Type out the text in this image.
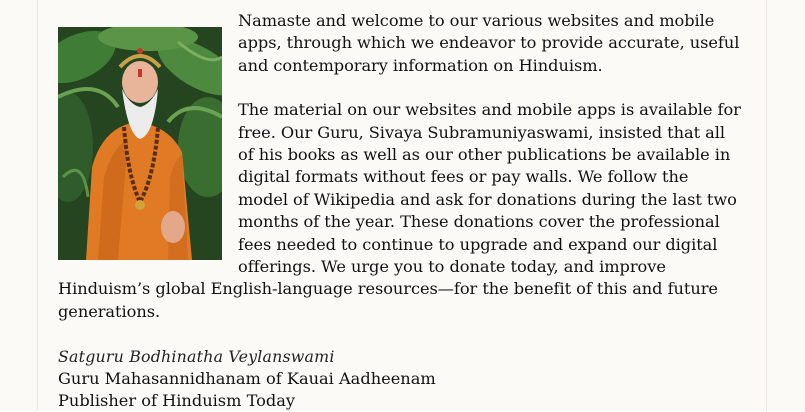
Namaste and welcome to our various websites and mobile apps, through which we endeavor to provide accurate, useful and contemporary information on Hinduism.

The material on our websites and mobile apps is available for free. Our Guru, Sivaya Subramuniyaswami, insisted that all of his books as well as our other publications be available in digital formats without fees or pay walls. We follow the model of Wikipedia and ask for donations during the last two months of the year. These donations cover the professional fees needed to continue to upgrade and expand our digital offerings. We urge you to donate today, and improve Hinduism’s global English-language resources—for the benefit of this and future generations.

Satguru Bodhinatha Veylanswami
Guru Mahasannidhanam of Kauai Aadheenam
Publisher of Hinduism Today
